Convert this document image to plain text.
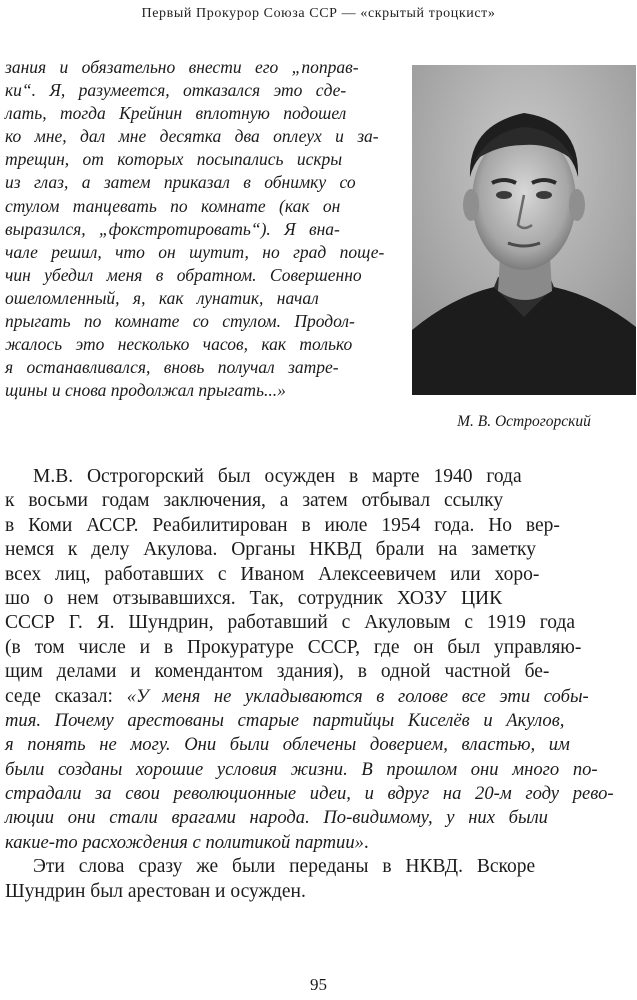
Первый Прокурор Союза ССР — «скрытый троцкист»
зания и обязательно внести его „поправ-
ки“. Я, разумеется, отказался это сде-
лать, тогда Крейнин вплотную подошел
ко мне, дал мне десятка два оплеух и за-
трещин, от которых посыпались искры
из глаз, а затем приказал в обнимку со
стулом танцевать по комнате (как он
выразился, „фокстротировать“). Я вна-
чале решил, что он шутит, но град поще-
чин убедил меня в обратном. Совершенно
ошеломленный, я, как лунатик, начал
прыгать по комнате со стулом. Продол-
жалось это несколько часов, как только
я останавливался, вновь получал затре-
щины и снова продолжал прыгать...»
М. В. Острогорский
М.В. Острогорский был осужден в марте 1940 года
к восьми годам заключения, а затем отбывал ссылку
в Коми АССР. Реабилитирован в июле 1954 года. Но вер-
немся к делу Акулова. Органы НКВД брали на заметку
всех лиц, работавших с Иваном Алексеевичем или хоро-
шо о нем отзывавшихся. Так, сотрудник ХОЗУ ЦИК
СССР Г. Я. Шундрин, работавший с Акуловым с 1919 года
(в том числе и в Прокуратуре СССР, где он был управляю-
щим делами и комендантом здания), в одной частной бе-
седе сказал: «У меня не укладываются в голове все эти собы-
тия. Почему арестованы старые партийцы Киселёв и Акулов,
я понять не могу. Они были облечены доверием, властью, им
были созданы хорошие условия жизни. В прошлом они много по-
страдали за свои революционные идеи, и вдруг на 20-м году рево-
люции они стали врагами народа. По-видимому, у них были
какие-то расхождения с политикой партии».
Эти слова сразу же были переданы в НКВД. Вскоре
Шундрин был арестован и осужден.
95
